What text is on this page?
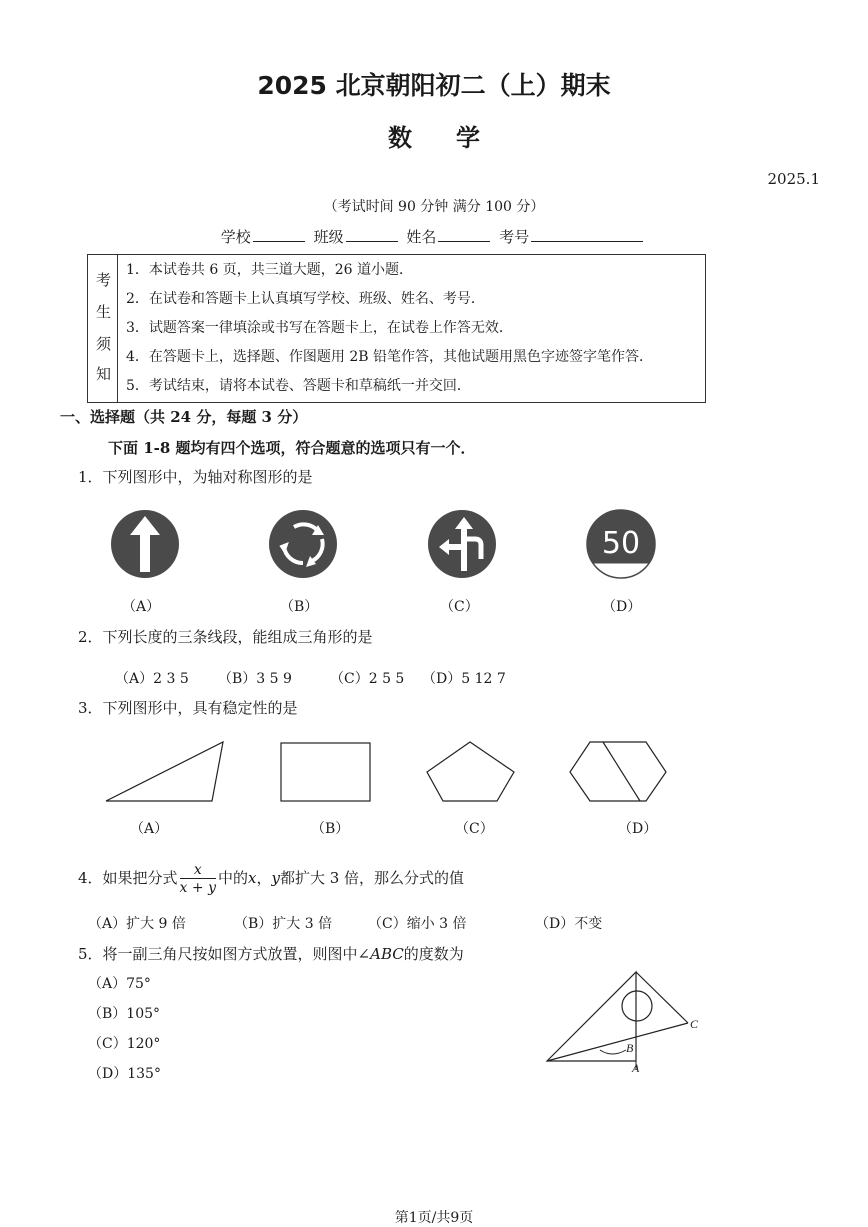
2025 北京朝阳初二（上）期末
数学
2025.1
（考试时间 90 分钟 满分 100 分）
学校	班级	姓名	考号
考
生
须
知
1．本试卷共 6 页，共三道大题，26 道小题．
2．在试卷和答题卡上认真填写学校、班级、姓名、考号．
3．试题答案一律填涂或书写在答题卡上，在试卷上作答无效．
4．在答题卡上，选择题、作图题用 2B 铅笔作答，其他试题用黑色字迹签字笔作答．
5．考试结束，请将本试卷、答题卡和草稿纸一并交回．
一、选择题（共 24 分，每题 3 分）
下面 1-8 题均有四个选项，符合题意的选项只有一个．
1．下列图形中，为轴对称图形的是
50
（A）	（B）	（C）	（D）
2．下列长度的三条线段，能组成三角形的是
（A）2 3 5 （B）3 5 9	（C）2 5 5 （D）5 12 7
3．下列图形中，具有稳定性的是
（A）	（B）	（C）	（D）
4．如果把分式 $\frac{x}{x + y}$ 中的x，y都扩大 3 倍，那么分式的值
（A）扩大 9 倍	（B）扩大 3 倍	（C）缩小 3 倍	（D）不变
5．将一副三角尺按如图方式放置，则图中∠ABC的度数为
（A）75°
（B）105°
（C）120°
（D）135°
B
C
A
第1页/共9页
